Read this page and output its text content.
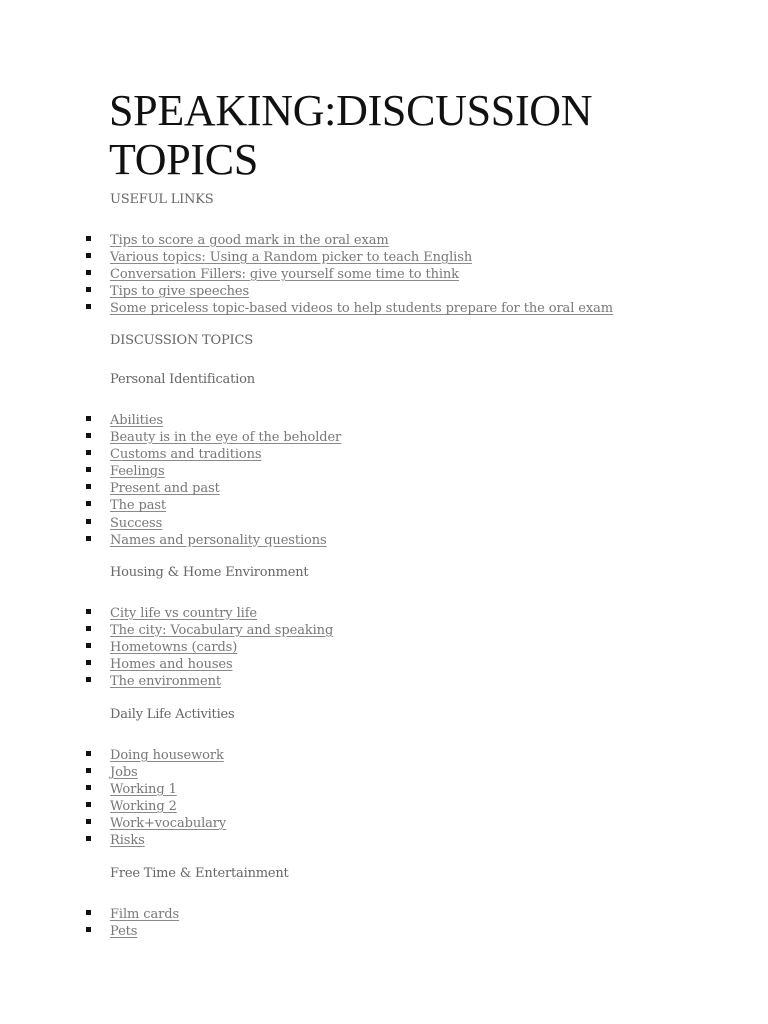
SPEAKING:DISCUSSION TOPICS
USEFUL LINKS
Tips to score a good mark in the oral exam
Various topics: Using a Random picker to teach English
Conversation Fillers: give yourself some time to think
Tips to give speeches
Some priceless topic-based videos to help students prepare for the oral exam
DISCUSSION TOPICS
Personal Identification
Abilities
Beauty is in the eye of the beholder
Customs and traditions
Feelings
Present and past
The past
Success
Names and personality questions
Housing & Home Environment
City life vs country life
The city: Vocabulary and speaking
Hometowns (cards)
Homes and houses
The environment
Daily Life Activities
Doing housework
Jobs
Working 1
Working 2
Work+vocabulary
Risks
Free Time & Entertainment
Film cards
Pets
